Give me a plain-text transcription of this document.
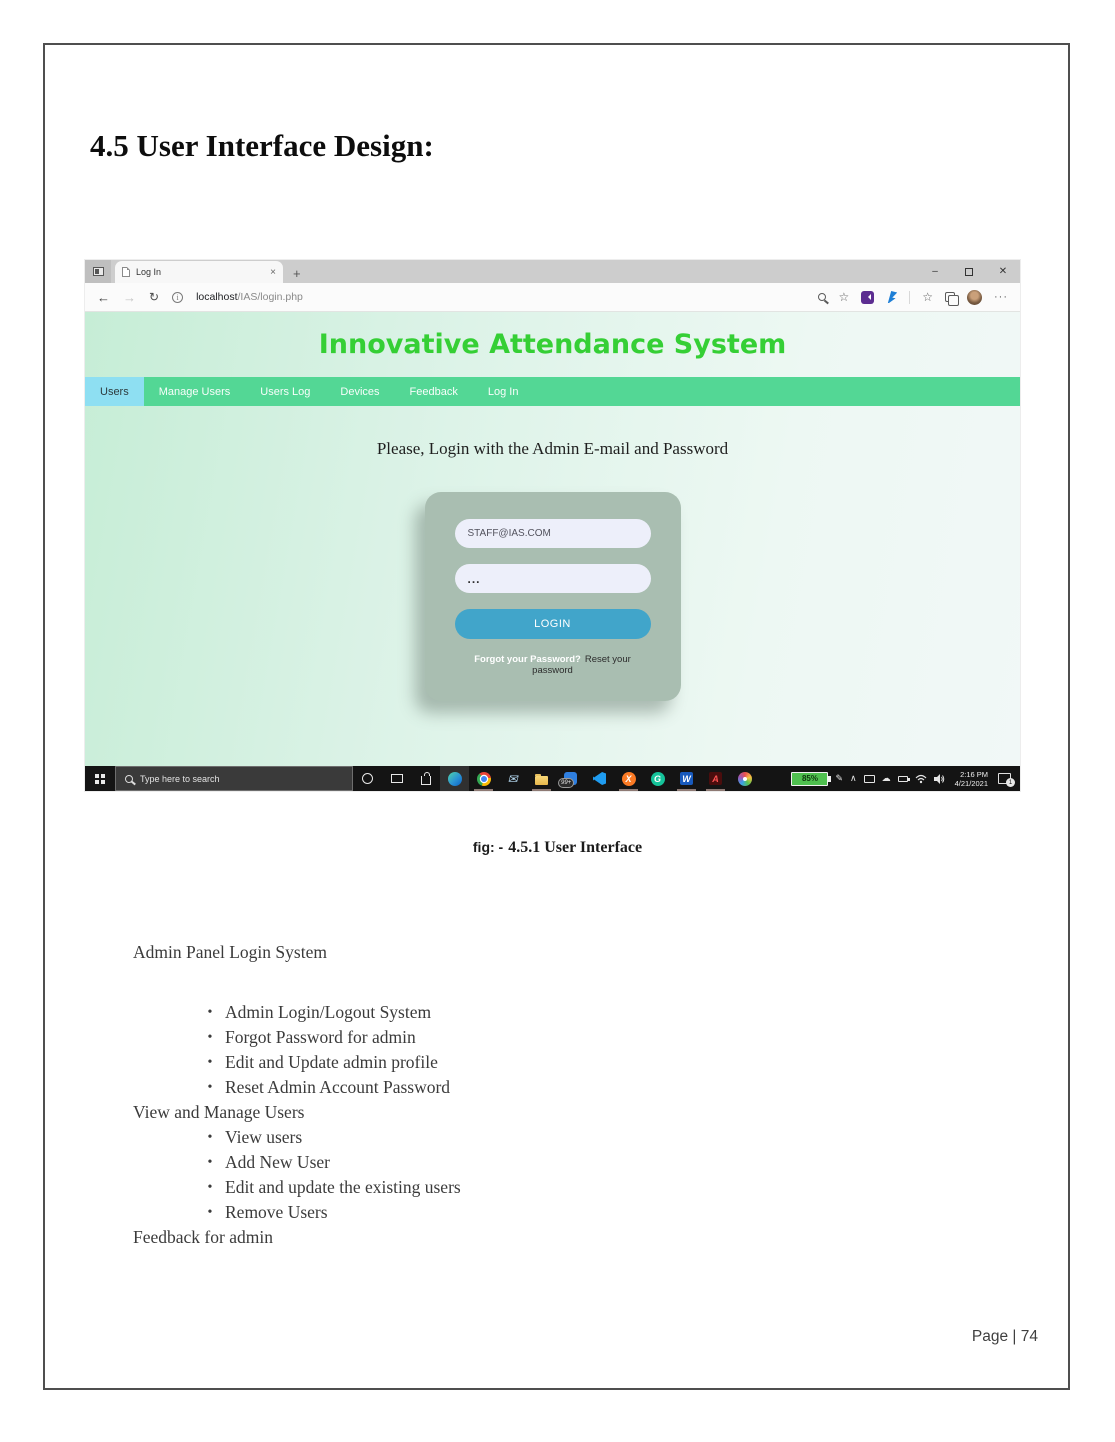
4.5 User Interface Design:
Log In	× +	–	✕
← → ↻	i	localhost/IAS/login.php	☆	☆	···
Innovative Attendance System
Users	Manage Users	Users Log	Devices	Feedback	Log In

Please, Login with the Admin E-mail and Password

STAFF@IAS.COM
... LOGIN

Forgot your Password? Reset your password

Type here to search	✉	99+	X	G	W	A	85%	✎ ∧	☁	2:16 PM
4/21/2021	1

fig: - 4.5.1 User Interface

Admin Panel Login System

• Admin Login/Logout System
• Forgot Password for admin
• Edit and Update admin profile
• Reset Admin Account Password

View and Manage Users

• View users
• Add New User
• Edit and update the existing users
• Remove Users

Feedback for admin

Page | 74
